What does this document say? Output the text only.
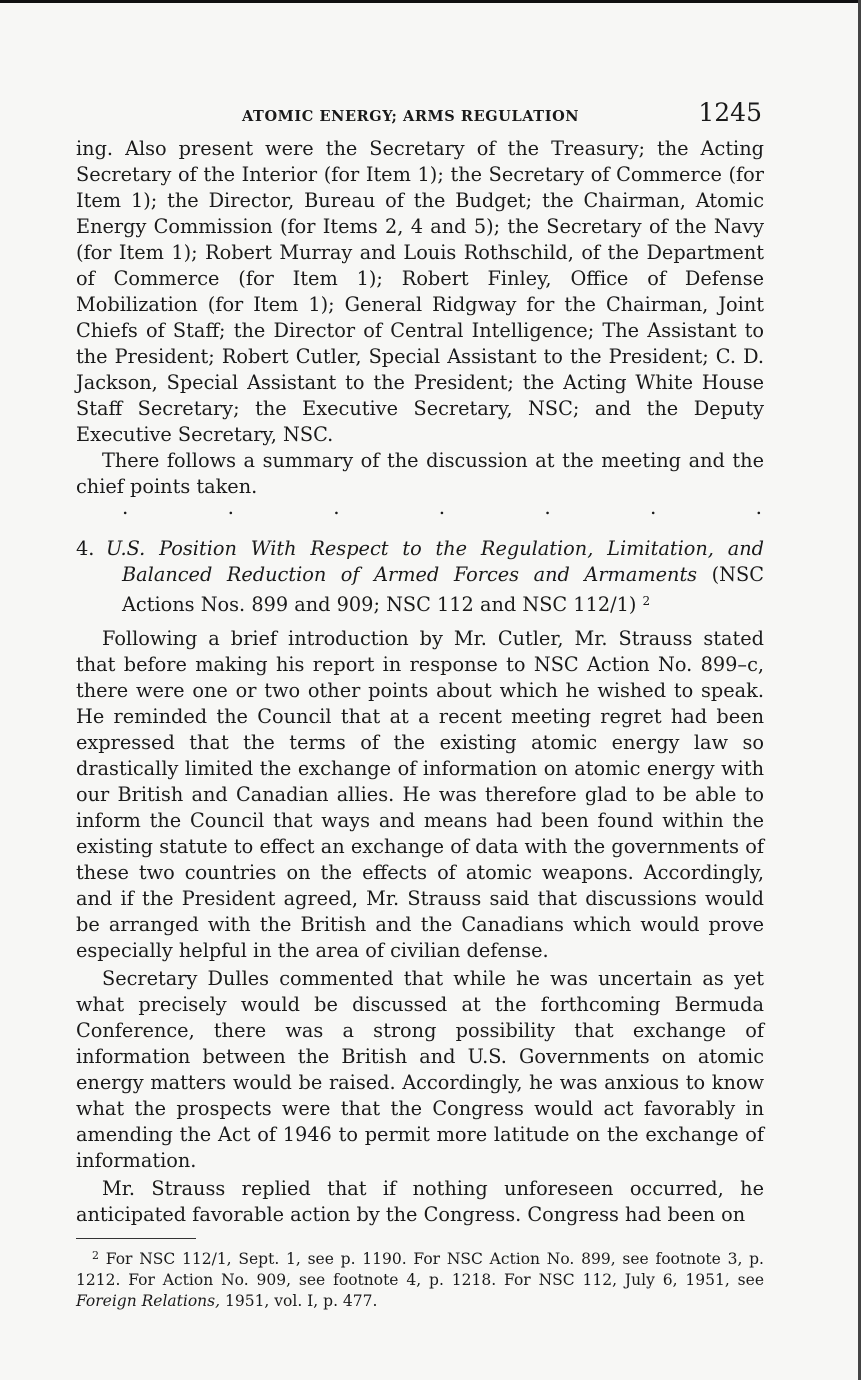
ATOMIC ENERGY; ARMS REGULATION	1245

ing. Also present were the Secretary of the Treasury; the Acting Secretary of the Interior (for Item 1); the Secretary of Commerce (for Item 1); the Director, Bureau of the Budget; the Chairman, Atomic Energy Commission (for Items 2, 4 and 5); the Secretary of the Navy (for Item 1); Robert Murray and Louis Rothschild, of the Department of Commerce (for Item 1); Robert Finley, Office of Defense Mobilization (for Item 1); General Ridgway for the Chairman, Joint Chiefs of Staff; the Director of Central Intelligence; The Assistant to the President; Robert Cutler, Special Assistant to the President; C. D. Jackson, Special Assistant to the President; the Acting White House Staff Secretary; the Executive Secretary, NSC; and the Deputy Executive Secretary, NSC.

There follows a summary of the discussion at the meeting and the chief points taken.

.	.	.	.	.	.	.

4. U.S. Position With Respect to the Regulation, Limitation, and Balanced Reduction of Armed Forces and Armaments (NSC Actions Nos. 899 and 909; NSC 112 and NSC 112/1) $^2$

Following a brief introduction by Mr. Cutler, Mr. Strauss stated that before making his report in response to NSC Action No. 899–c, there were one or two other points about which he wished to speak. He reminded the Council that at a recent meeting regret had been expressed that the terms of the existing atomic energy law so drastically limited the exchange of information on atomic energy with our British and Canadian allies. He was therefore glad to be able to inform the Council that ways and means had been found within the existing statute to effect an exchange of data with the governments of these two countries on the effects of atomic weapons. Accordingly, and if the President agreed, Mr. Strauss said that discussions would be arranged with the British and the Canadians which would prove especially helpful in the area of civilian defense.

Secretary Dulles commented that while he was uncertain as yet what precisely would be discussed at the forthcoming Bermuda Conference, there was a strong possibility that exchange of information between the British and U.S. Governments on atomic energy matters would be raised. Accordingly, he was anxious to know what the prospects were that the Congress would act favorably in amending the Act of 1946 to permit more latitude on the exchange of information.

Mr. Strauss replied that if nothing unforeseen occurred, he anticipated favorable action by the Congress. Congress had been on

$^2$ For NSC 112/1, Sept. 1, see p. 1190. For NSC Action No. 899, see footnote 3, p. 1212. For Action No. 909, see footnote 4, p. 1218. For NSC 112, July 6, 1951, see Foreign Relations, 1951, vol. I, p. 477.
